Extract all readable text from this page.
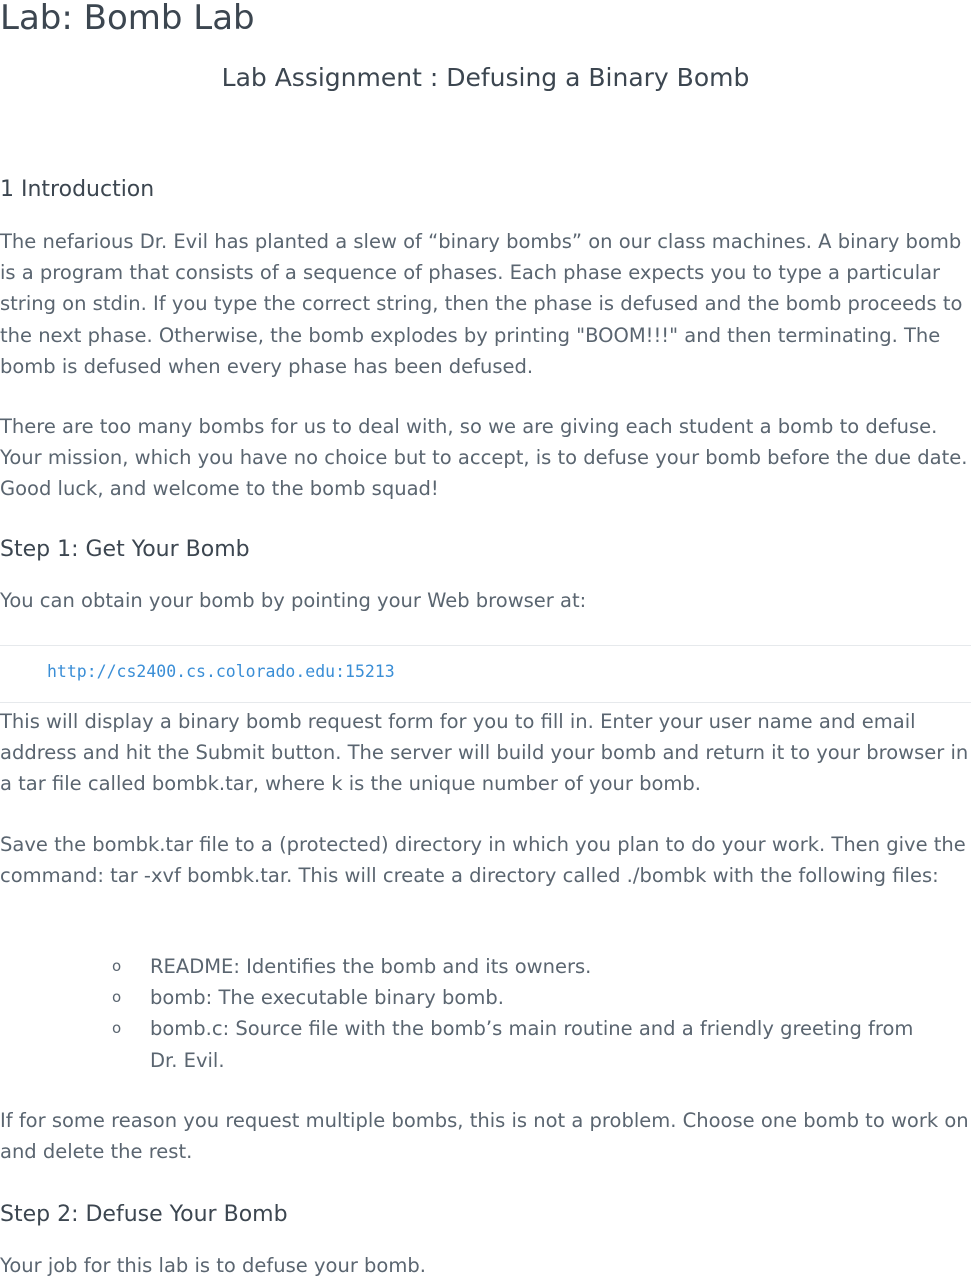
Lab: Bomb Lab
Lab Assignment : Defusing a Binary Bomb
1 Introduction

The nefarious Dr. Evil has planted a slew of “binary bombs” on our class machines. A binary bomb is a program that consists of a sequence of phases. Each phase expects you to type a particular string on stdin. If you type the correct string, then the phase is defused and the bomb proceeds to the next phase. Otherwise, the bomb explodes by printing "BOOM!!!" and then terminating. The bomb is defused when every phase has been defused.

There are too many bombs for us to deal with, so we are giving each student a bomb to defuse. Your mission, which you have no choice but to accept, is to defuse your bomb before the due date. Good luck, and welcome to the bomb squad!

Step 1: Get Your Bomb

You can obtain your bomb by pointing your Web browser at:

http://cs2400.cs.colorado.edu:15213

This will display a binary bomb request form for you to fill in. Enter your user name and email address and hit the Submit button. The server will build your bomb and return it to your browser in a tar file called bombk.tar, where k is the unique number of your bomb.

Save the bombk.tar file to a (protected) directory in which you plan to do your work. Then give the command: tar -xvf bombk.tar. This will create a directory called ./bombk with the following files:

o README: Identifies the bomb and its owners.
o bomb: The executable binary bomb.
o bomb.c: Source file with the bomb’s main routine and a friendly greeting from Dr. Evil.

If for some reason you request multiple bombs, this is not a problem. Choose one bomb to work on and delete the rest.

Step 2: Defuse Your Bomb

Your job for this lab is to defuse your bomb.
